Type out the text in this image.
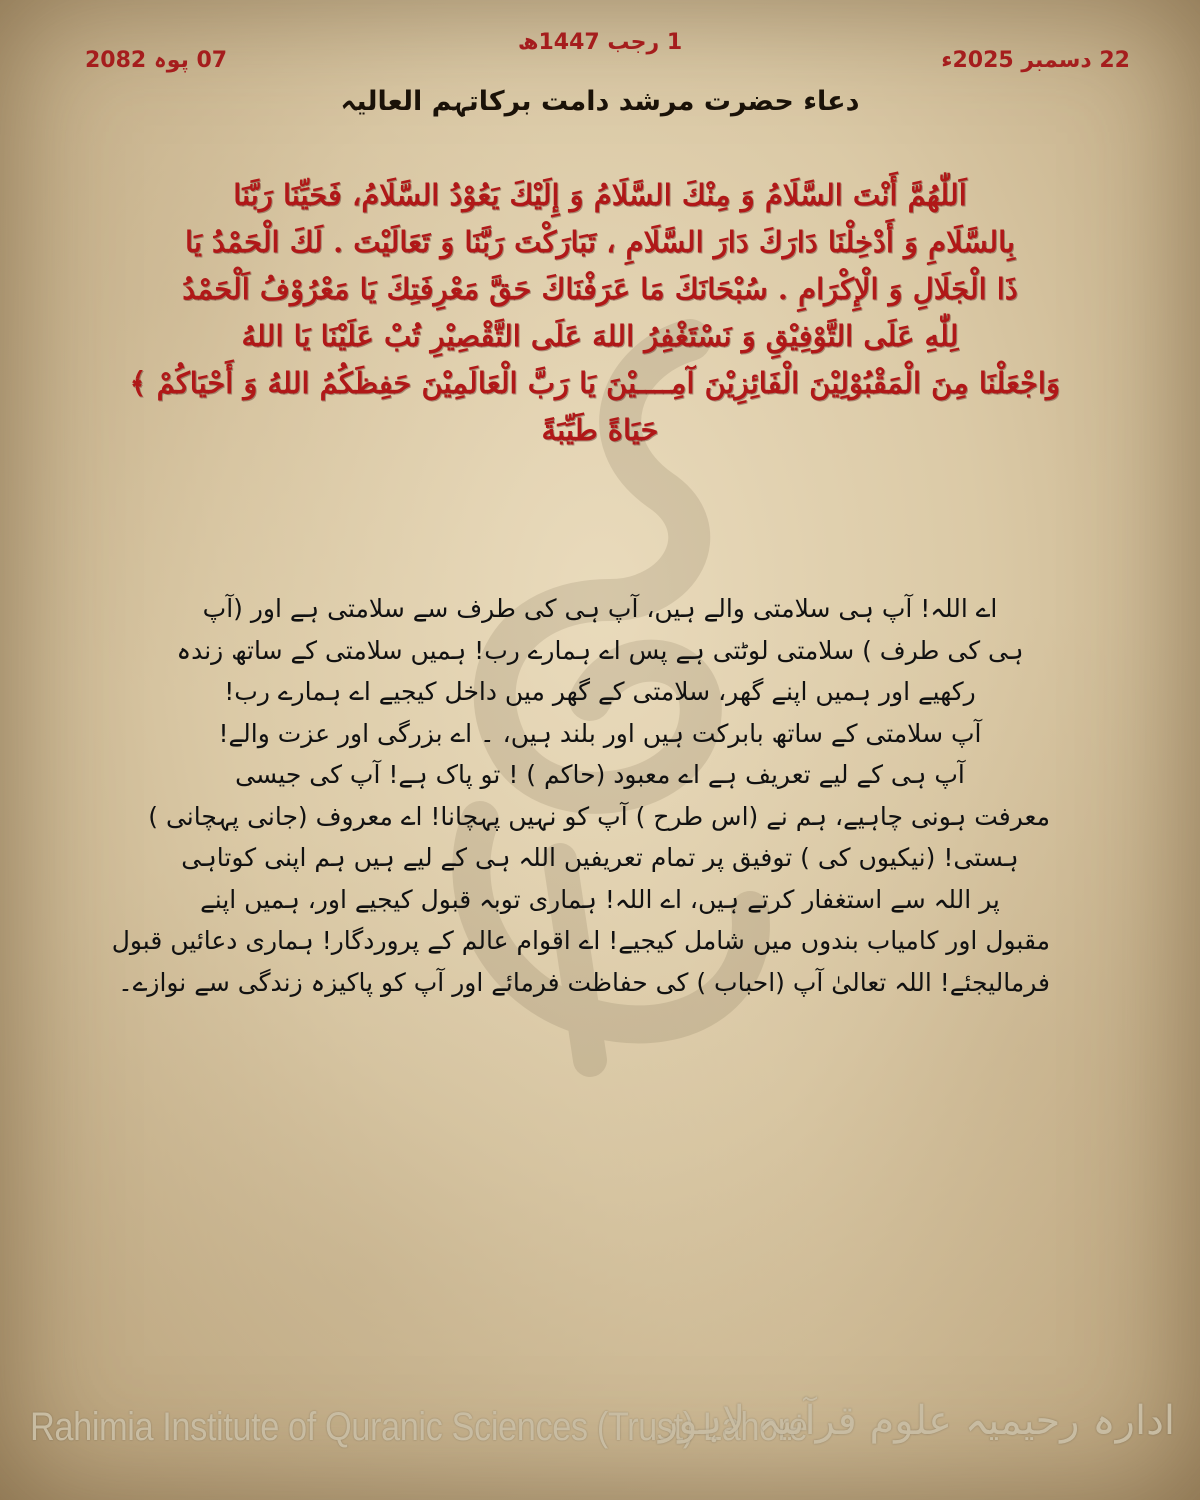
1 رجب 1447ھ
22 دسمبر 2025ء
07 پوہ 2082
دعاء حضرت مرشد دامت برکاتہم العالیہ
اَللّٰهُمَّ أَنْتَ السَّلَامُ وَ مِنْكَ السَّلَامُ وَ إِلَيْكَ يَعُوْدُ السَّلَامُ، فَحَيِّنَا رَبَّنَا
بِالسَّلَامِ وَ أَدْخِلْنَا دَارَكَ دَارَ السَّلَامِ ، تَبَارَكْتَ رَبَّنَا وَ تَعَالَيْتَ . لَكَ الْحَمْدُ يَا
ذَا الْجَلَالِ وَ الْإِكْرَامِ . سُبْحَانَكَ مَا عَرَفْنَاكَ حَقَّ مَعْرِفَتِكَ يَا مَعْرُوْفُ اَلْحَمْدُ
لِلّٰهِ عَلَى التَّوْفِيْقِ وَ نَسْتَغْفِرُ اللهَ عَلَى التَّقْصِيْرِ تُبْ عَلَيْنَا يَا اللهُ
وَاجْعَلْنَا مِنَ الْمَقْبُوْلِيْنَ الْفَائِزِيْنَ آمِــــيْنَ يَا رَبَّ الْعَالَمِيْنَ حَفِظَكُمُ اللهُ وَ أَحْيَاكُمْ ﴾
حَيَاةً طَيِّبَةً
اے اللہ! آپ ہی سلامتی والے ہیں، آپ ہی کی طرف سے سلامتی ہے اور (آپ
ہی کی طرف ) سلامتی لوٹتی ہے پس اے ہمارے رب! ہمیں سلامتی کے ساتھ زندہ
رکھیے اور ہمیں اپنے گھر، سلامتی کے گھر میں داخل کیجیے اے ہمارے رب!
آپ سلامتی کے ساتھ بابرکت ہیں اور بلند ہیں، ۔ اے بزرگی اور عزت والے!
آپ ہی کے لیے تعریف ہے اے معبود (حاکم ) ! تو پاک ہے! آپ کی جیسی
معرفت ہونی چاہیے، ہم نے (اس طرح ) آپ کو نہیں پہچانا! اے معروف (جانی پہچانی )
ہستی! (نیکیوں کی ) توفیق پر تمام تعریفیں اللہ ہی کے لیے ہیں ہم اپنی کوتاہی
پر اللہ سے استغفار کرتے ہیں، اے اللہ! ہماری توبہ قبول کیجیے اور، ہمیں اپنے
مقبول اور کامیاب بندوں میں شامل کیجیے! اے اقوام عالم کے پروردگار! ہماری دعائیں قبول
فرمالیجئے! اللہ تعالیٰ آپ (احباب ) کی حفاظت فرمائے اور آپ کو پاکیزہ زندگی سے نوازے۔
Rahimia Institute of Quranic Sciences (Trust) Lahore
ادارہ رحیمیہ علوم قرآنیہ لاہور
